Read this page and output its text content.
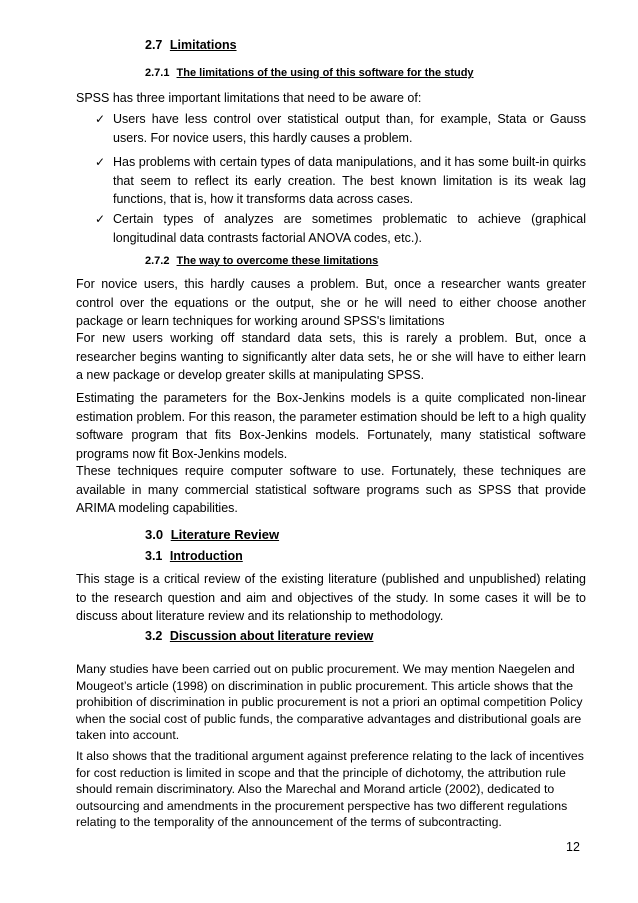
2.7 Limitations
2.7.1 The limitations of the using of this software for the study
SPSS has three important limitations that need to be aware of:
✓ Users have less control over statistical output than, for example, Stata or Gauss users. For novice users, this hardly causes a problem.
✓ Has problems with certain types of data manipulations, and it has some built-in quirks that seem to reflect its early creation. The best known limitation is its weak lag functions, that is, how it transforms data across cases.
✓ Certain types of analyzes are sometimes problematic to achieve (graphical longitudinal data contrasts factorial ANOVA codes, etc.).
2.7.2 The way to overcome these limitations
For novice users, this hardly causes a problem. But, once a researcher wants greater control over the equations or the output, she or he will need to either choose another package or learn techniques for working around SPSS's limitations
For new users working off standard data sets, this is rarely a problem. But, once a researcher begins wanting to significantly alter data sets, he or she will have to either learn a new package or develop greater skills at manipulating SPSS.
Estimating the parameters for the Box-Jenkins models is a quite complicated non-linear estimation problem. For this reason, the parameter estimation should be left to a high quality software program that fits Box-Jenkins models. Fortunately, many statistical software programs now fit Box-Jenkins models.
These techniques require computer software to use. Fortunately, these techniques are available in many commercial statistical software programs such as SPSS that provide ARIMA modeling capabilities.
3.0 Literature Review
3.1 Introduction
This stage is a critical review of the existing literature (published and unpublished) relating to the research question and aim and objectives of the study. In some cases it will be to discuss about literature review and its relationship to methodology.
3.2 Discussion about literature review
Many studies have been carried out on public procurement. We may mention Naegelen and Mougeot’s article (1998) on discrimination in public procurement. This article shows that the prohibition of discrimination in public procurement is not a priori an optimal competition Policy when the social cost of public funds, the comparative advantages and distributional goals are taken into account.
It also shows that the traditional argument against preference relating to the lack of incentives for cost reduction is limited in scope and that the principle of dichotomy, the attribution rule should remain discriminatory. Also the Marechal and Morand article (2002), dedicated to outsourcing and amendments in the procurement perspective has two different regulations relating to the temporality of the announcement of the terms of subcontracting.
12
